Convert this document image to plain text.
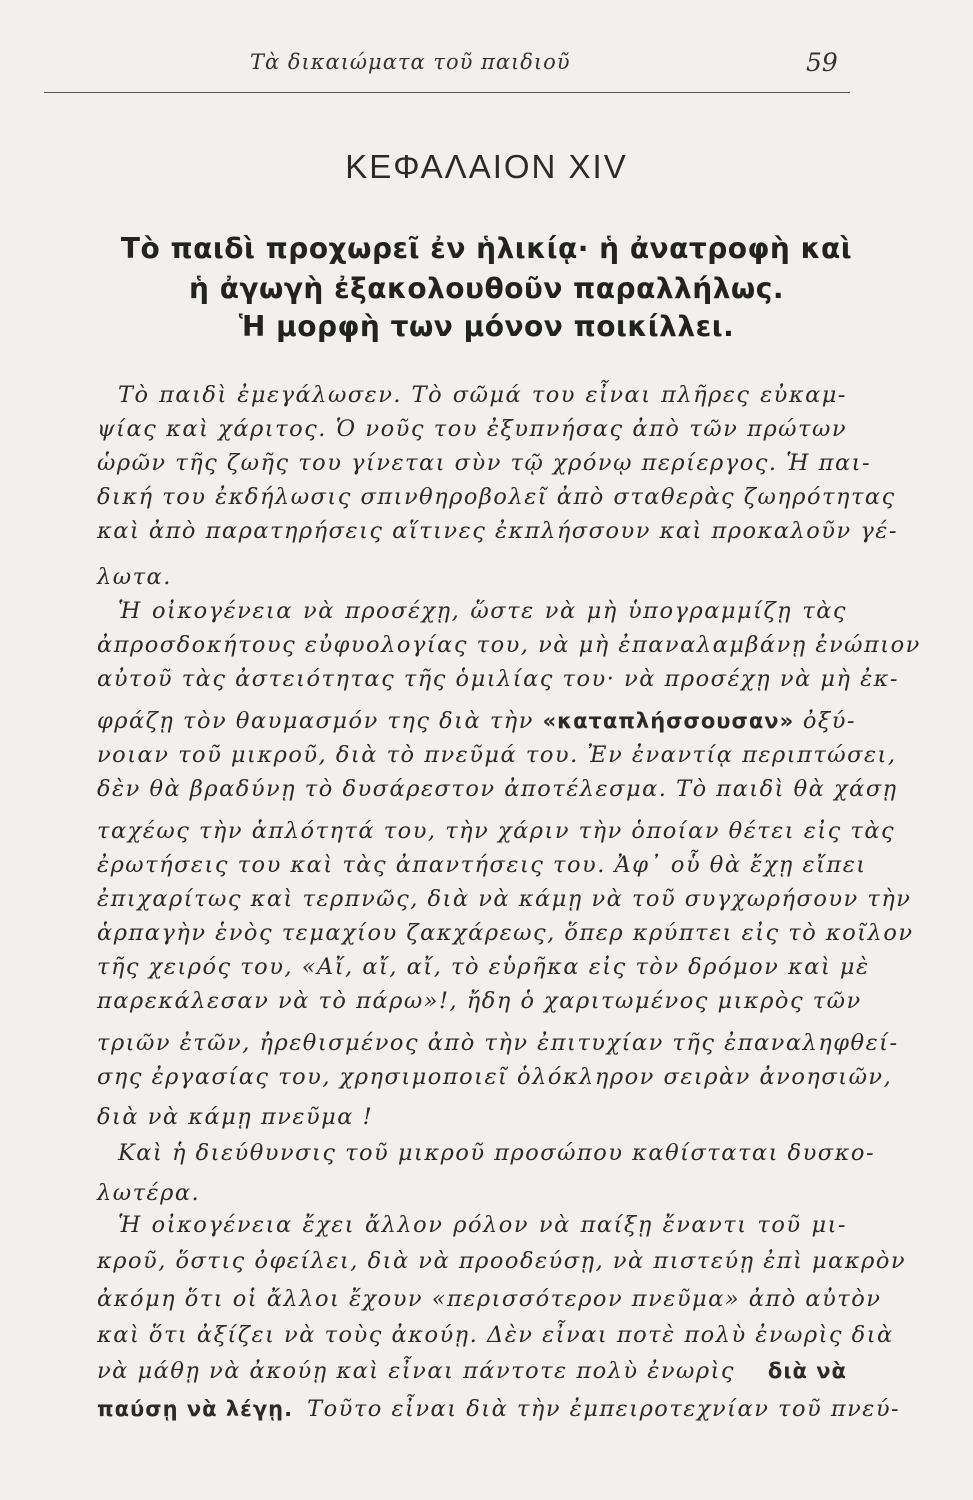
Τὰ δικαιώματα τοῦ παιδιοῦ	59
ΚΕΦΑΛΑΙΟΝ XIV
Τὸ παιδὶ προχωρεῖ ἐν ἡλικίᾳ· ἡ ἀνατροφὴ καὶ
ἡ ἀγωγὴ ἐξακολουθοῦν παραλλήλως.
Ἡ μορφὴ των μόνον ποικίλλει.
Τὸ παιδὶ ἐμεγάλωσεν. Τὸ σῶμά του εἶναι πλῆρες εὐκαμ-
ψίας καὶ χάριτος. Ὁ νοῦς του ἐξυπνήσας ἀπὸ τῶν πρώτων
ὡρῶν τῆς ζωῆς του γίνεται σὺν τῷ χρόνῳ περίεργος. Ἡ παι-
δική του ἐκδήλωσις σπινθηροβολεῖ ἀπὸ σταθερὰς ζωηρότητας
καὶ ἀπὸ παρατηρήσεις αἵτινες ἐκπλήσσουν καὶ προκαλοῦν γέ-
λωτα.
Ἡ οἰκογένεια νὰ προσέχῃ, ὥστε νὰ μὴ ὑπογραμμίζῃ τὰς
ἀπροσδοκήτους εὐφυολογίας του, νὰ μὴ ἐπαναλαμβάνῃ ἐνώπιον
αὐτοῦ τὰς ἀστειότητας τῆς ὁμιλίας του· νὰ προσέχῃ νὰ μὴ ἐκ-
φράζῃ τὸν θαυμασμόν της διὰ τὴν «καταπλήσσουσαν» ὀξύ-
νοιαν τοῦ μικροῦ, διὰ τὸ πνεῦμά του. Ἐν ἐναντίᾳ περιπτώσει,
δὲν θὰ βραδύνῃ τὸ δυσάρεστον ἀποτέλεσμα. Τὸ παιδὶ θὰ χάσῃ
ταχέως τὴν ἁπλότητά του, τὴν χάριν τὴν ὁποίαν θέτει εἰς τὰς
ἐρωτήσεις του καὶ τὰς ἀπαντήσεις του. Ἀφ᾽ οὗ θὰ ἔχῃ εἴπει
ἐπιχαρίτως καὶ τερπνῶς, διὰ νὰ κάμῃ νὰ τοῦ συγχωρήσουν τὴν
ἁρπαγὴν ἑνὸς τεμαχίου ζακχάρεως, ὅπερ κρύπτει εἰς τὸ κοῖλον
τῆς χειρός του, «Αἴ, αἴ, αἴ, τὸ εὑρῆκα εἰς τὸν δρόμον καὶ μὲ
παρεκάλεσαν νὰ τὸ πάρω»!, ἤδη ὁ χαριτωμένος μικρὸς τῶν
τριῶν ἐτῶν, ἠρεθισμένος ἀπὸ τὴν ἐπιτυχίαν τῆς ἐπαναληφθεί-
σης ἐργασίας του, χρησιμοποιεῖ ὁλόκληρον σειρὰν ἀνοησιῶν,
διὰ νὰ κάμῃ πνεῦμα !
Καὶ ἡ διεύθυνσις τοῦ μικροῦ προσώπου καθίσταται δυσκο-
λωτέρα.
Ἡ οἰκογένεια ἔχει ἄλλον ρόλον νὰ παίξῃ ἔναντι τοῦ μι-
κροῦ, ὅστις ὀφείλει, διὰ νὰ προοδεύσῃ, νὰ πιστεύῃ ἐπὶ μακρὸν
ἀκόμη ὅτι οἱ ἄλλοι ἔχουν «περισσότερον πνεῦμα» ἀπὸ αὐτὸν
καὶ ὅτι ἀξίζει νὰ τοὺς ἀκούῃ. Δὲν εἶναι ποτὲ πολὺ ἐνωρὶς διὰ
νὰ μάθῃ νὰ ἀκούῃ καὶ εἶναι πάντοτε πολὺ ἐνωρὶς διὰ νὰ
παύσῃ νὰ λέγῃ. Τοῦτο εἶναι διὰ τὴν ἐμπειροτεχνίαν τοῦ πνεύ-
